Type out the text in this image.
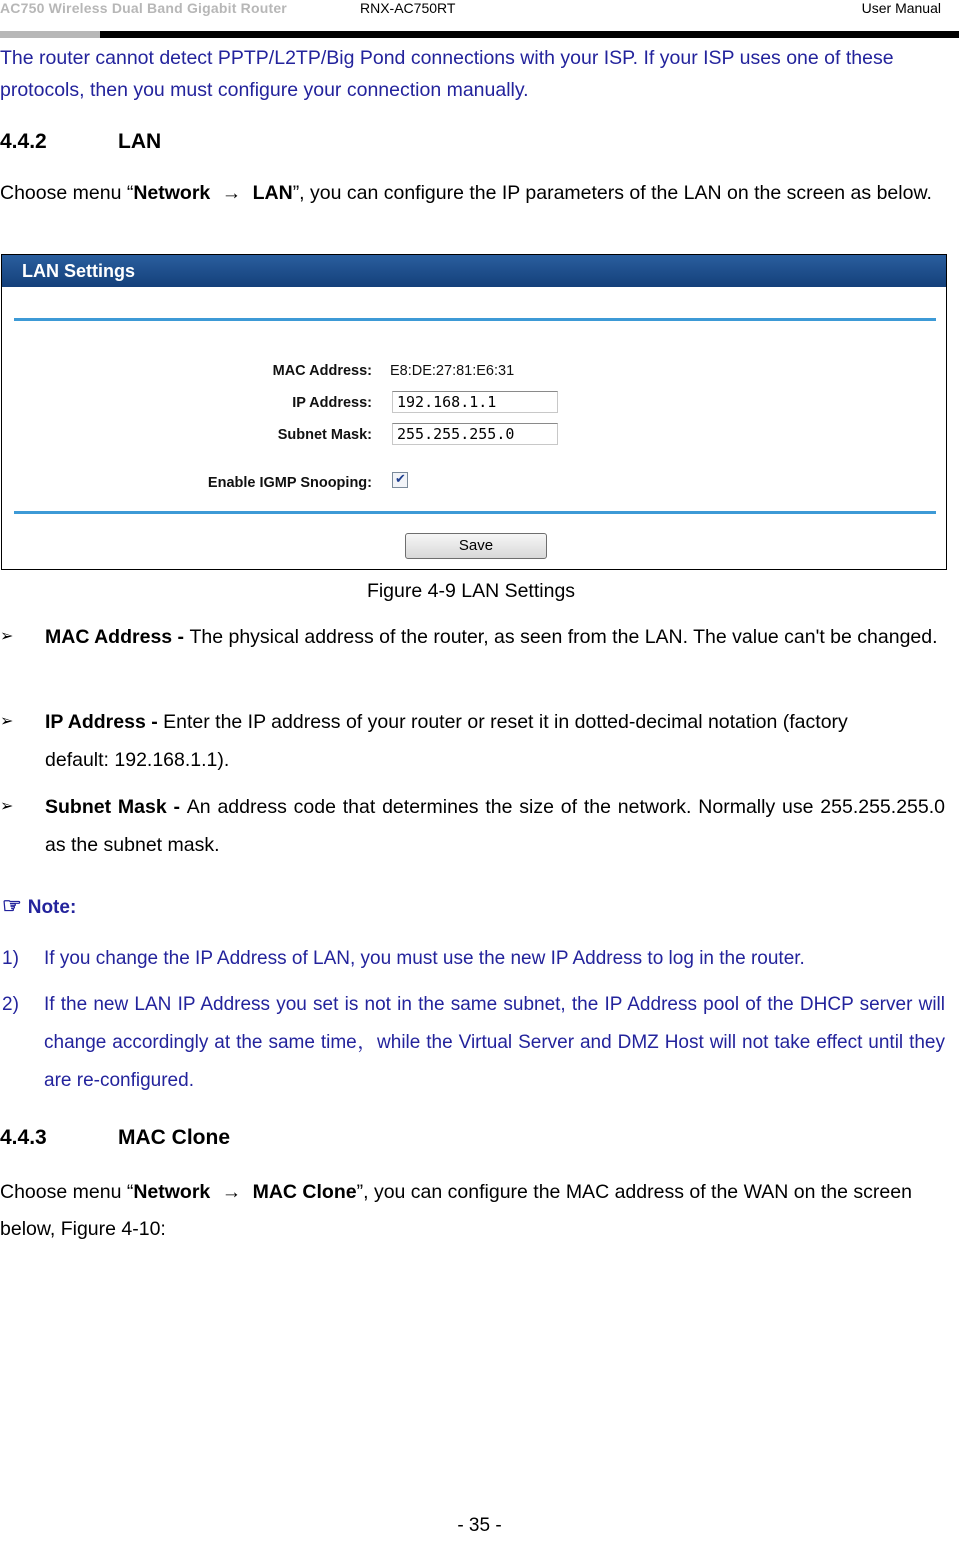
AC750 Wireless Dual Band Gigabit Router	RNX-AC750RT	User Manual
The router cannot detect PPTP/L2TP/Big Pond connections with your ISP. If your ISP uses one of these protocols, then you must configure your connection manually.
4.4.2	LAN
Choose menu “Network → LAN”, you can configure the IP parameters of the LAN on the screen as below.
LAN Settings
MAC Address: E8:DE:27:81:E6:31
IP Address:	192.168.1.1
Subnet Mask:	255.255.255.0
Enable IGMP Snooping: ✔
Save
Figure 4-9 LAN Settings
➢	MAC Address - The physical address of the router, as seen from the LAN. The value can't be changed.
➢	IP Address - Enter the IP address of your router or reset it in dotted-decimal notation (factory default: 192.168.1.1).
➢	Subnet Mask - An address code that determines the size of the network. Normally use 255.255.255.0 as the subnet mask.
☞ Note:
1) If you change the IP Address of LAN, you must use the new IP Address to log in the router.
2) If the new LAN IP Address you set is not in the same subnet, the IP Address pool of the DHCP server will change accordingly at the same time，while the Virtual Server and DMZ Host will not take effect until they are re-configured.
4.4.3	MAC Clone
Choose menu “Network → MAC Clone”, you can configure the MAC address of the WAN on the screen below, Figure 4-10:
- 35 -
